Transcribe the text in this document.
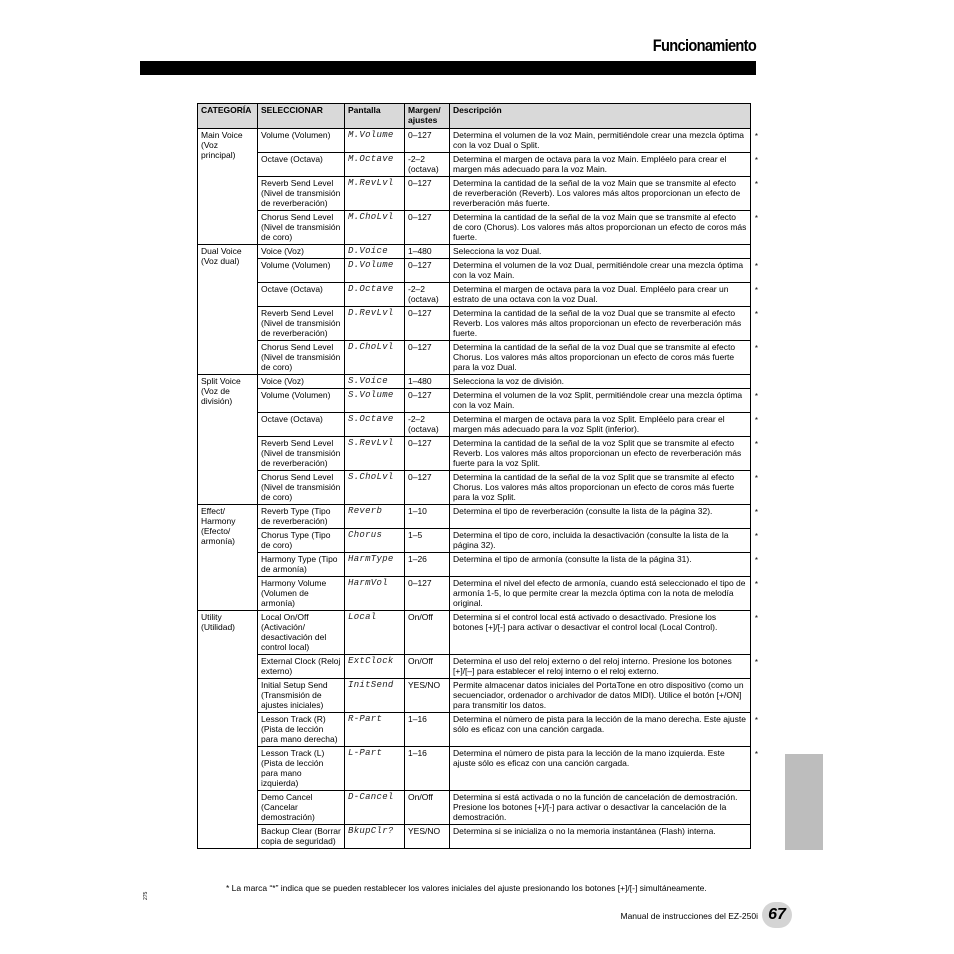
Funcionamiento
CATEGORÍA	SELECCIONAR	Pantalla	Margen/ ajustes	Descripción
Main Voice (Voz principal)	Volume (Volumen)	M.Volume	0–127	Determina el volumen de la voz Main, permitiéndole crear una mezcla óptima con la voz Dual o Split.
*

	Octave (Octava)	M.Octave	-2–2 (octava)	Determina el margen de octava para la voz Main. Empléelo para crear el margen más adecuado para la voz Main.
*

	Reverb Send Level (Nivel de transmisión de reverberación)	M.RevLvl	0–127	Determina la cantidad de la señal de la voz Main que se transmite al efecto de reverberación (Reverb). Los valores más altos proporcionan un efecto de reverberación más fuerte.
*

	Chorus Send Level (Nivel de transmisión de coro)	M.ChoLvl	0–127	Determina la cantidad de la señal de la voz Main que se transmite al efecto de coro (Chorus). Los valores más altos proporcionan un efecto de coros más fuerte.
*

Dual Voice (Voz dual)	Voice (Voz)	D.Voice	1–480	Selecciona la voz Dual.

	Volume (Volumen)	D.Volume	0–127	Determina el volumen de la voz Dual, permitiéndole crear una mezcla óptima con la voz Main.
*

	Octave (Octava)	D.Octave	-2–2 (octava)	Determina el margen de octava para la voz Dual. Empléelo para crear un estrato de una octava con la voz Dual.
*

	Reverb Send Level (Nivel de transmisión de reverberación)	D.RevLvl	0–127	Determina la cantidad de la señal de la voz Dual que se transmite al efecto Reverb. Los valores más altos proporcionan un efecto de reverberación más fuerte.
*

	Chorus Send Level (Nivel de transmisión de coro)	D.ChoLvl	0–127	Determina la cantidad de la señal de la voz Dual que se transmite al efecto Chorus. Los valores más altos proporcionan un efecto de coros más fuerte para la voz Dual.
*

Split Voice (Voz de división)	Voice (Voz)	S.Voice	1–480	Selecciona la voz de división.

	Volume (Volumen)	S.Volume	0–127	Determina el volumen de la voz Split, permitiéndole crear una mezcla óptima con la voz Main.
*

	Octave (Octava)	S.Octave	-2–2 (octava)	Determina el margen de octava para la voz Split. Empléelo para crear el margen más adecuado para la voz Split (inferior).
*

	Reverb Send Level (Nivel de transmisión de reverberación)	S.RevLvl	0–127	Determina la cantidad de la señal de la voz Split que se transmite al efecto Reverb. Los valores más altos proporcionan un efecto de reverberación más fuerte para la voz Split.
*

	Chorus Send Level (Nivel de transmisión de coro)	S.ChoLvl	0–127	Determina la cantidad de la señal de la voz Split que se transmite al efecto Chorus. Los valores más altos proporcionan un efecto de coros más fuerte para la voz Split.
*

Effect/ Harmony (Efecto/ armonía)	Reverb Type (Tipo de reverberación)	Reverb	1–10	Determina el tipo de reverberación (consulte la lista de la página 32). *

	Chorus Type (Tipo de coro)	Chorus	1–5	Determina el tipo de coro, incluida la desactivación (consulte la lista de la página 32).
*

	Harmony Type (Tipo de armonía)	HarmType	1–26	Determina el tipo de armonía (consulte la lista de la página 31). *

	Harmony Volume (Volumen de armonía)	HarmVol	0–127	Determina el nivel del efecto de armonía, cuando está seleccionado el tipo de armonía 1-5, lo que permite crear la mezcla óptima con la nota de melodía original.
*

Utility (Utilidad)	Local On/Off (Activación/ desactivación del control local)	Local	On/Off	Determina si el control local está activado o desactivado. Presione los botones [+]/[-] para activar o desactivar el control local (Local Control).
*

	External Clock (Reloj externo)	ExtClock	On/Off	Determina el uso del reloj externo o del reloj interno. Presione los botones [+]/[–] para establecer el reloj interno o el reloj externo.
*

	Initial Setup Send (Transmisión de ajustes iniciales)	InitSend	YES/NO	Permite almacenar datos iniciales del PortaTone en otro dispositivo (como un secuenciador, ordenador o archivador de datos MIDI). Utilice el botón [+/ON] para transmitir los datos.

	Lesson Track (R) (Pista de lección para mano derecha)	R-Part	1–16	Determina el número de pista para la lección de la mano derecha. Este ajuste sólo es eficaz con una canción cargada.
*

	Lesson Track (L) (Pista de lección para mano izquierda)	L-Part	1–16	Determina el número de pista para la lección de la mano izquierda. Este ajuste sólo es eficaz con una canción cargada.
*

	Demo Cancel (Cancelar demostración)	D-Cancel	On/Off	Determina si está activada o no la función de cancelación de demostración. Presione los botones [+]/[-] para activar o desactivar la cancelación de la demostración.

	Backup Clear (Borrar copia de seguridad)	BkupClr?	YES/NO	Determina si se inicializa o no la memoria instantánea (Flash) interna.
* La marca “*” indica que se pueden restablecer los valores iniciales del ajuste presionando los botones [+]/[-] simultáneamente.
275
Manual de instrucciones del EZ-250i 67
